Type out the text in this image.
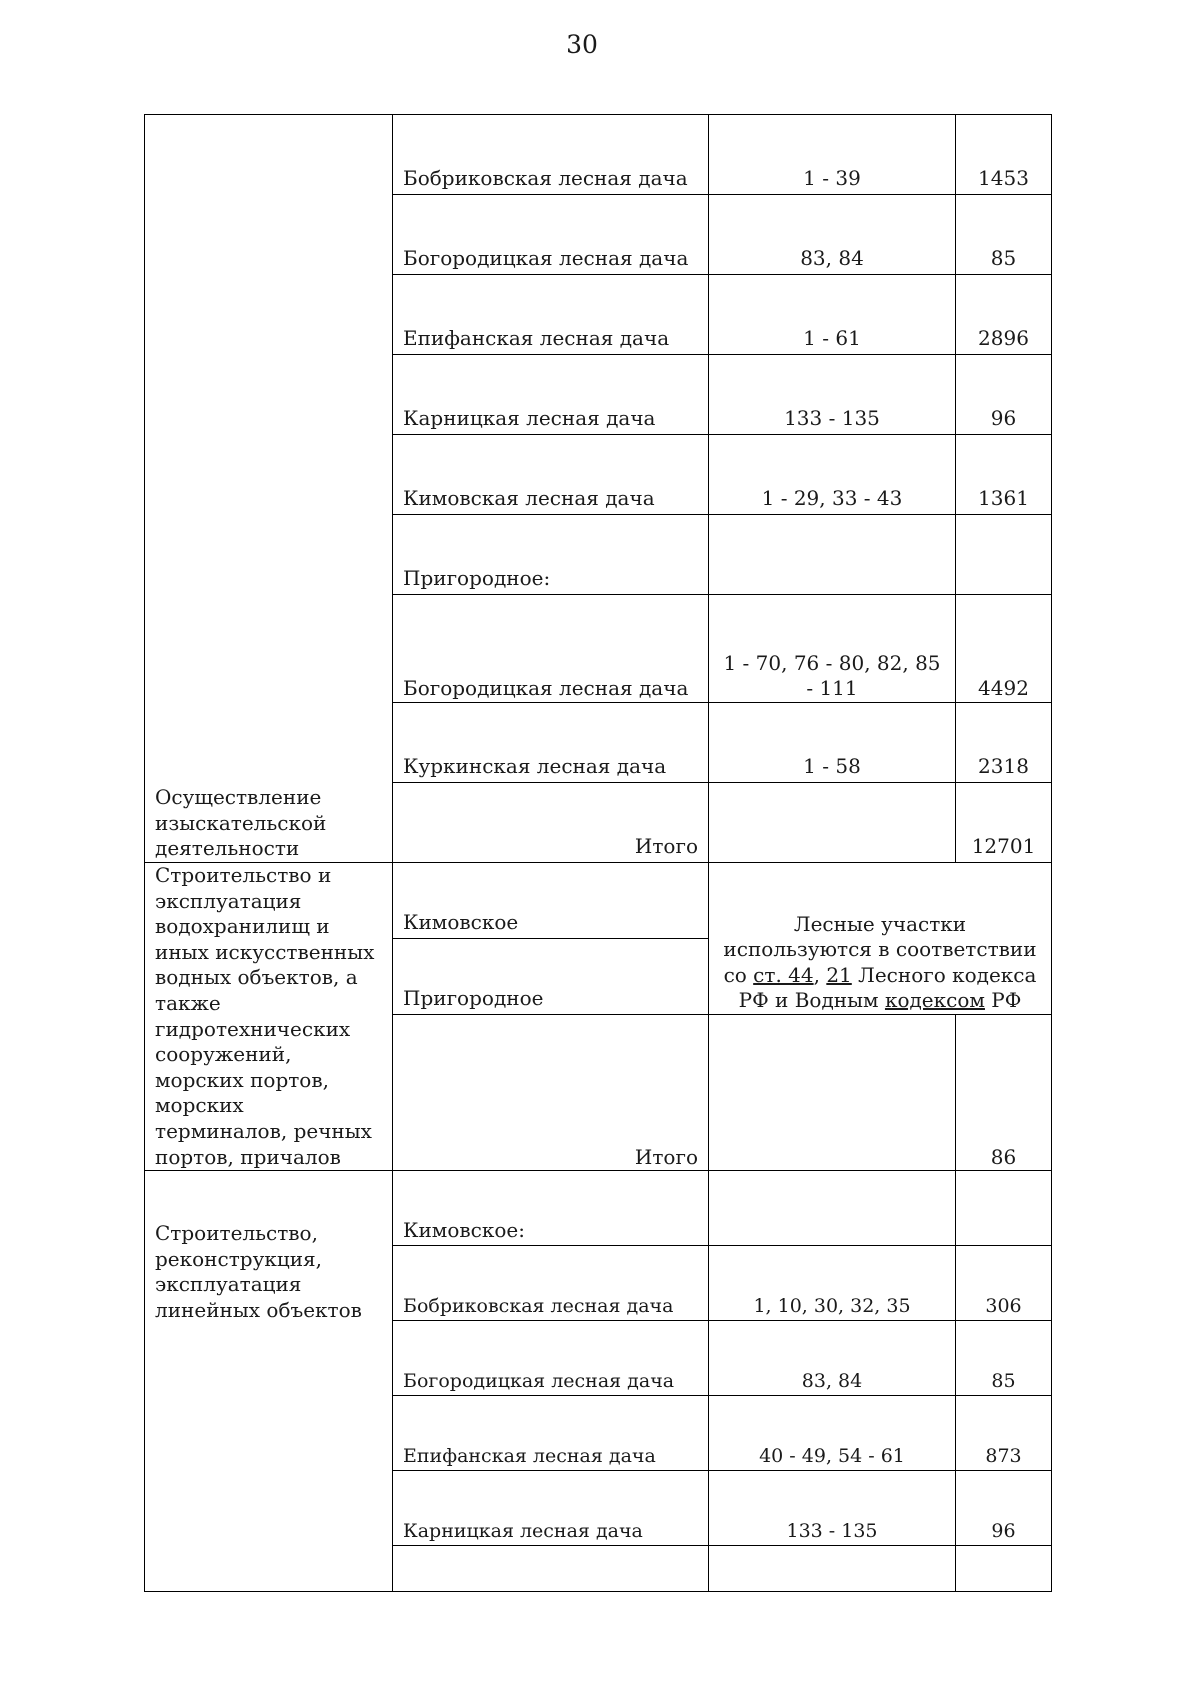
30
Осуществление изыскательской деятельности	Бобриковская лесная дача	1 - 39	1453

	Богородицкая лесная дача	83, 84	85

	Епифанская лесная дача	1 - 61	2896

	Карницкая лесная дача	133 - 135	96

	Кимовская лесная дача	1 - 29, 33 - 43	1361

	Пригородное:		

	Богородицкая лесная дача	1 - 70, 76 - 80, 82, 85 - 111	4492

	Куркинская лесная дача	1 - 58	2318

	Итого		12701

Строительство и эксплуатация водохранилищ и иных искусственных водных объектов, а также гидротехнических сооружений, морских портов, морских терминалов, речных портов, причалов	Кимовское	Лесные участки используются в соответствии со ст. 44, 21 Лесного кодекса РФ и Водным кодексом РФ	

	Пригородное		

	Итого		86
Строительство, реконструкция, эксплуатация линейных объектов	Кимовское:		

	Бобриковская лесная дача	1, 10, 30, 32, 35	306

	Богородицкая лесная дача	83, 84	85

	Епифанская лесная дача	40 - 49, 54 - 61	873

	Карницкая лесная дача	133 - 135	96
